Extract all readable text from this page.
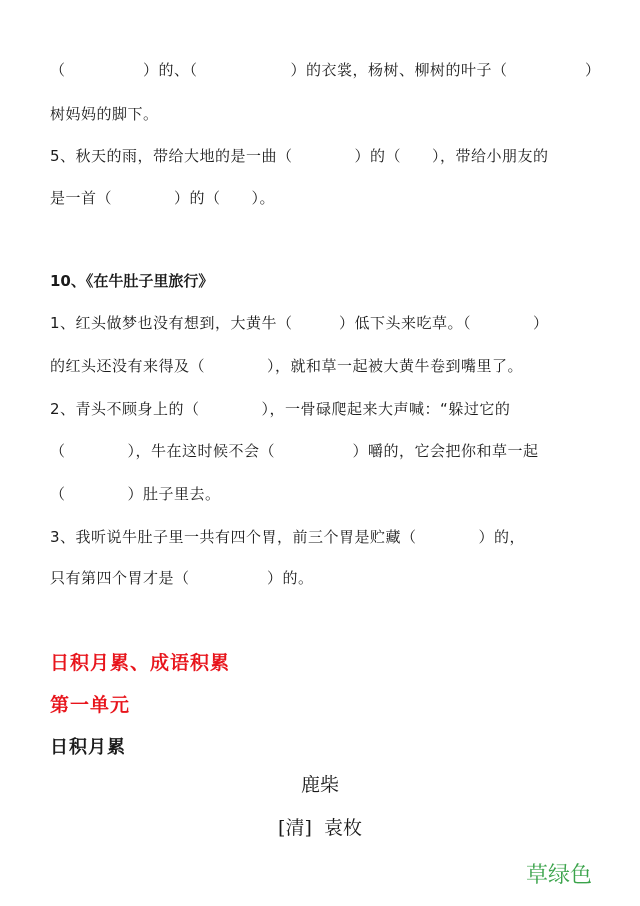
（　　　　　）的、（　　　　　　）的衣裳，杨树、柳树的叶子（　　　　　）
树妈妈的脚下。
5、秋天的雨，带给大地的是一曲（　　　　）的（　　），带给小朋友的
是一首（　　　　）的（　　）。
10、《在牛肚子里旅行》
1、红头做梦也没有想到，大黄牛（　　　）低下头来吃草。（　　　　）
的红头还没有来得及（　　　　），就和草一起被大黄牛卷到嘴里了。
2、青头不顾身上的（　　　　），一骨碌爬起来大声喊：“躲过它的
（　　　　），牛在这时候不会（　　　　　）嚼的，它会把你和草一起
（　　　　）肚子里去。
3、我听说牛肚子里一共有四个胃，前三个胃是贮藏（　　　　）的，
只有第四个胃才是（　　　　　）的。
日积月累、成语积累
第一单元
日积月累
鹿柴
[清]  袁枚
草绿色
